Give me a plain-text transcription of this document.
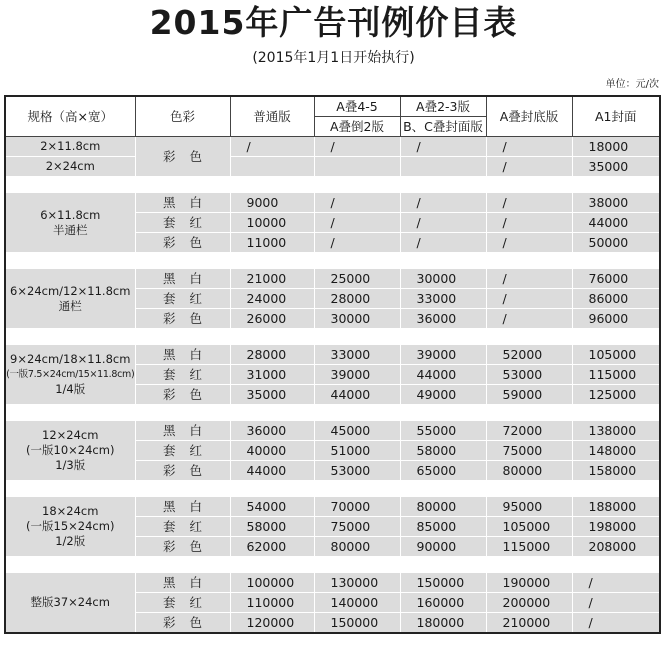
2015年广告刊例价目表
(2015年1月1日开始执行)
单位：元/次
规格（高×宽）	色彩	普通版	A叠4-5	A叠2-3版	A叠封底版	A1封面
			A叠倒2版	B、C叠封面版		
2×11.8cm	彩色	/	/	/	/	18000
2×24cm					/	35000

6×11.8cm
半通栏	黑白	9000	/	/	/	38000
	套红	10000	/	/	/	44000
	彩色	11000	/	/	/	50000

6×24cm/12×11.8cm
通栏	黑白	21000	25000	30000	/	76000
	套红	24000	28000	33000	/	86000
	彩色	26000	30000	36000	/	96000

9×24cm/18×11.8cm
(一版7.5×24cm/15×11.8cm)
1/4版	黑白	28000	33000	39000	52000	105000
	套红	31000	39000	44000	53000	115000
	彩色	35000	44000	49000	59000	125000

12×24cm
(一版10×24cm)
1/3版	黑白	36000	45000	55000	72000	138000
	套红	40000	51000	58000	75000	148000
	彩色	44000	53000	65000	80000	158000

18×24cm
(一版15×24cm)
1/2版	黑白	54000	70000	80000	95000	188000
	套红	58000	75000	85000	105000	198000
	彩色	62000	80000	90000	115000	208000

整版37×24cm	黑白	100000	130000	150000	190000	/
	套红	110000	140000	160000	200000	/
	彩色	120000	150000	180000	210000	/
